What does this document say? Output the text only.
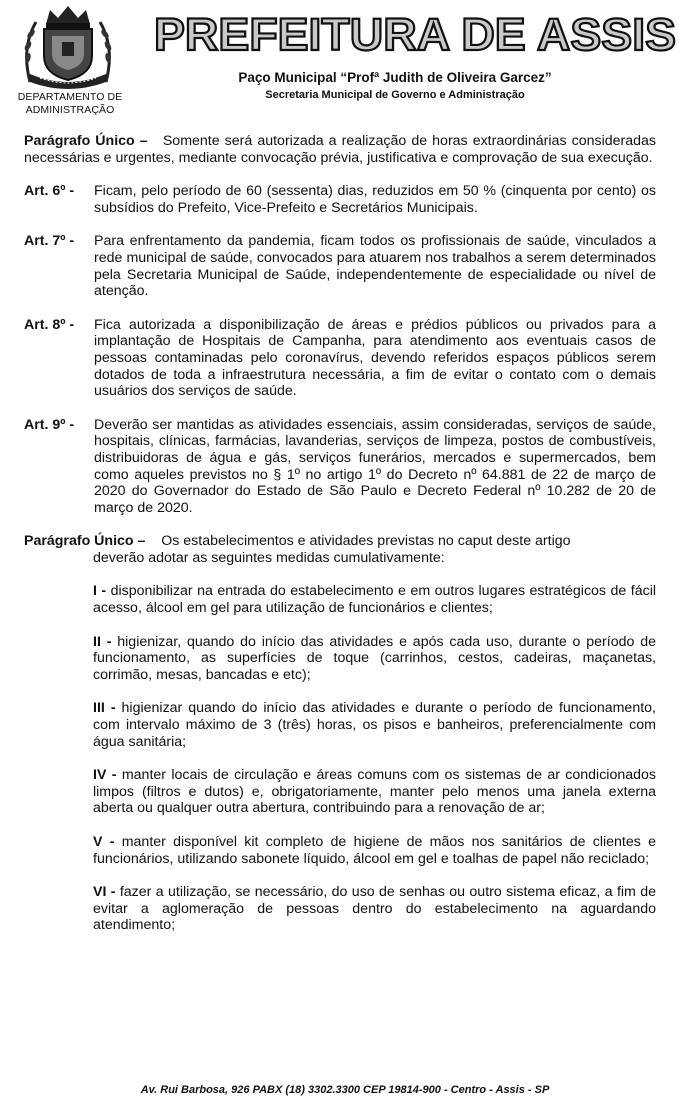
DEPARTAMENTO DE
ADMINISTRAÇÃO
PREFEITURA DE ASSIS
Paço Municipal “Profª Judith de Oliveira Garcez”
Secretaria Municipal de Governo e Administração
Parágrafo Único – Somente será autorizada a realização de horas extraordinárias consideradas necessárias e urgentes, mediante convocação prévia, justificativa e comprovação de sua execução.
Art. 6º -	Ficam, pelo período de 60 (sessenta) dias, reduzidos em 50 % (cinquenta por cento) os subsídios do Prefeito, Vice-Prefeito e Secretários Municipais.
Art. 7º -	Para enfrentamento da pandemia, ficam todos os profissionais de saúde, vinculados a rede municipal de saúde, convocados para atuarem nos trabalhos a serem determinados pela Secretaria Municipal de Saúde, independentemente de especialidade ou nível de atenção.
Art. 8º -	Fica autorizada a disponibilização de áreas e prédios públicos ou privados para a implantação de Hospitais de Campanha, para atendimento aos eventuais casos de pessoas contaminadas pelo coronavírus, devendo referidos espaços públicos serem dotados de toda a infraestrutura necessária, a fim de evitar o contato com o demais usuários dos serviços de saúde.
Art. 9º -	Deverão ser mantidas as atividades essenciais, assim consideradas, serviços de saúde, hospitais, clínicas, farmácias, lavanderias, serviços de limpeza, postos de combustíveis, distribuidoras de água e gás, serviços funerários, mercados e supermercados, bem como aqueles previstos no § 1º no artigo 1º do Decreto nº 64.881 de 22 de março de 2020 do Governador do Estado de São Paulo e Decreto Federal nº 10.282 de 20 de março de 2020.
Parágrafo Único – Os estabelecimentos e atividades previstas no caput deste artigo
deverão adotar as seguintes medidas cumulativamente:
I - disponibilizar na entrada do estabelecimento e em outros lugares estratégicos de fácil acesso, álcool em gel para utilização de funcionários e clientes;
II - higienizar, quando do início das atividades e após cada uso, durante o período de funcionamento, as superfícies de toque (carrinhos, cestos, cadeiras, maçanetas, corrimão, mesas, bancadas e etc);
III - higienizar quando do início das atividades e durante o período de funcionamento, com intervalo máximo de 3 (três) horas, os pisos e banheiros, preferencialmente com água sanitária;
IV - manter locais de circulação e áreas comuns com os sistemas de ar condicionados limpos (filtros e dutos) e, obrigatoriamente, manter pelo menos uma janela externa aberta ou qualquer outra abertura, contribuindo para a renovação de ar;
V - manter disponível kit completo de higiene de mãos nos sanitários de clientes e funcionários, utilizando sabonete líquido, álcool em gel e toalhas de papel não reciclado;
VI - fazer a utilização, se necessário, do uso de senhas ou outro sistema eficaz, a fim de evitar a aglomeração de pessoas dentro do estabelecimento na aguardando atendimento;
Av. Rui Barbosa, 926 PABX (18) 3302.3300 CEP 19814-900 - Centro - Assis - SP
